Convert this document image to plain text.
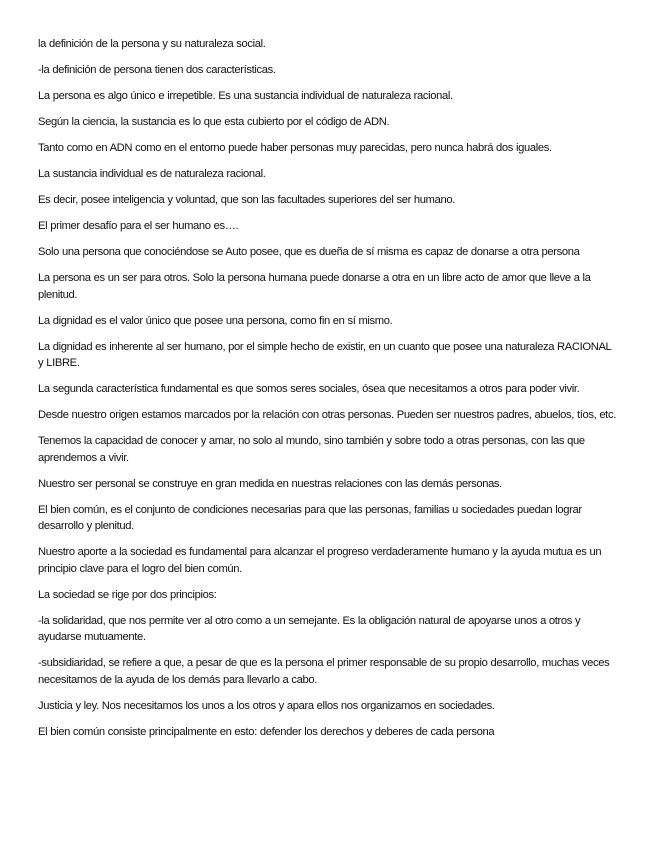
la definición de la persona y su naturaleza social.

-la definición de persona tienen dos características.

La persona es algo único e irrepetible. Es una sustancia individual de naturaleza racional.

Según la ciencia, la sustancia es lo que esta cubierto por el código de ADN.

Tanto como en ADN como en el entorno puede haber personas muy parecidas, pero nunca habrá dos iguales.

La sustancia individual es de naturaleza racional.

Es decir, posee inteligencia y voluntad, que son las facultades superiores del ser humano.

El primer desafío para el ser humano es….

Solo una persona que conociéndose se Auto posee, que es dueña de sí misma es capaz de donarse a otra persona

La persona es un ser para otros. Solo la persona humana puede donarse a otra en un libre acto de amor que lleve a la plenitud.

La dignidad es el valor único que posee una persona, como fin en sí mismo.

La dignidad es inherente al ser humano, por el simple hecho de existir, en un cuanto que posee una naturaleza RACIONAL y LIBRE.

La segunda característica fundamental es que somos seres sociales, ósea que necesitamos a otros para poder vivir.

Desde nuestro origen estamos marcados por la relación con otras personas. Pueden ser nuestros padres, abuelos, tíos, etc.

Tenemos la capacidad de conocer y amar, no solo al mundo, sino también y sobre todo a otras personas, con las que aprendemos a vivir.

Nuestro ser personal se construye en gran medida en nuestras relaciones con las demás personas.

El bien común, es el conjunto de condiciones necesarias para que las personas, familias u sociedades puedan lograr desarrollo y plenitud.

Nuestro aporte a la sociedad es fundamental para alcanzar el progreso verdaderamente humano y la ayuda mutua es un principio clave para el logro del bien común.

La sociedad se rige por dos principios:

-la solidaridad, que nos permite ver al otro como a un semejante. Es la obligación natural de apoyarse unos a otros y ayudarse mutuamente.

-subsidiaridad, se refiere a que, a pesar de que es la persona el primer responsable de su propio desarrollo, muchas veces necesitamos de la ayuda de los demás para llevarlo a cabo.

Justicia y ley. Nos necesitamos los unos a los otros y apara ellos nos organizamos en sociedades.

El bien común consiste principalmente en esto: defender los derechos y deberes de cada persona
